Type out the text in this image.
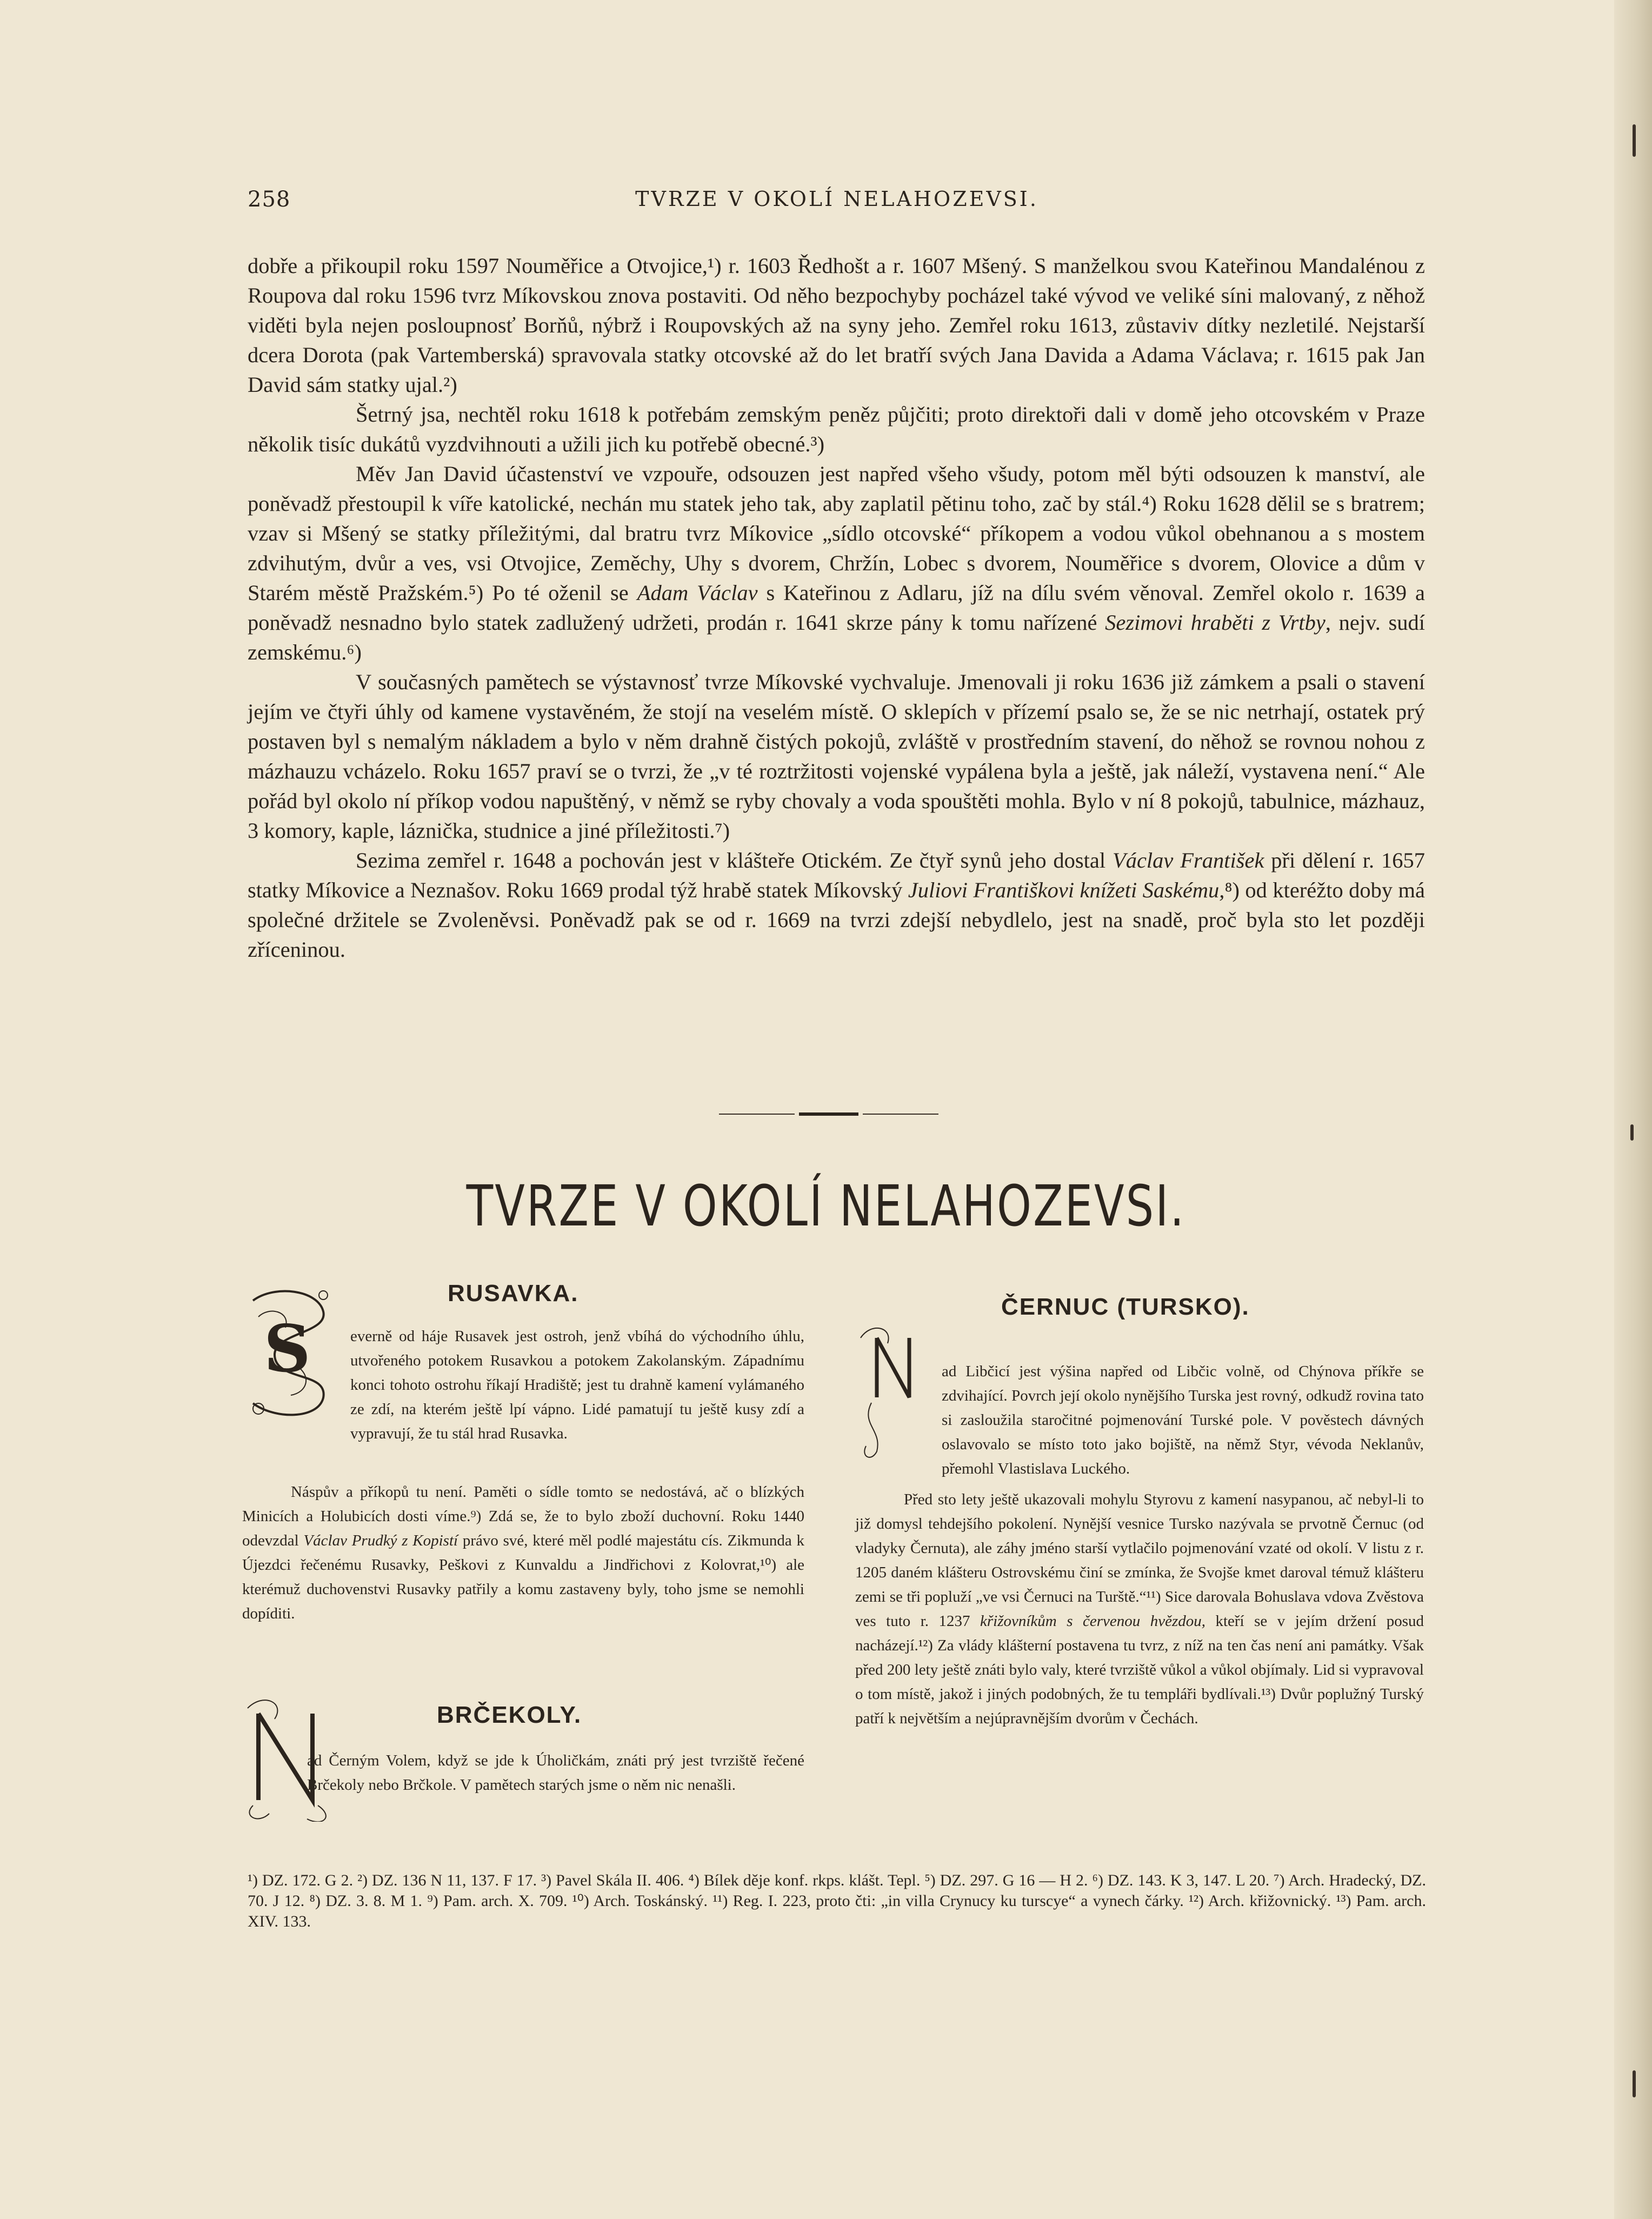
258	TVRZE V OKOLÍ NELAHOZEVSI.

dobře a přikoupil roku 1597 Nouměřice a Otvojice,¹) r. 1603 Ředhošt a r. 1607 Mšený. S manželkou svou Kateřinou Mandalénou z Roupova dal roku 1596 tvrz Míkovskou znova postaviti. Od něho bezpochyby pocházel také vývod ve veliké síni malovaný, z něhož viděti byla nejen posloupnosť Borňů, nýbrž i Roupovských až na syny jeho. Zemřel roku 1613, zůstaviv dítky nezletilé. Nejstarší dcera Dorota (pak Vartemberská) spravovala statky otcovské až do let bratří svých Jana Davida a Adama Václava; r. 1615 pak Jan David sám statky ujal.²)

Šetrný jsa, nechtěl roku 1618 k potřebám zemským peněz půjčiti; proto direktoři dali v domě jeho otcovském v Praze několik tisíc dukátů vyzdvihnouti a užili jich ku potřebě obecné.³)

Měv Jan David účastenství ve vzpouře, odsouzen jest napřed všeho všudy, potom měl býti odsouzen k manství, ale poněvadž přestoupil k víře katolické, nechán mu statek jeho tak, aby zaplatil pětinu toho, zač by stál.⁴) Roku 1628 dělil se s bratrem; vzav si Mšený se statky příležitými, dal bratru tvrz Míkovice „sídlo otcovské“ příkopem a vodou vůkol obehnanou a s mostem zdvihutým, dvůr a ves, vsi Otvojice, Zeměchy, Uhy s dvorem, Chržín, Lobec s dvorem, Nouměřice s dvorem, Olovice a dům v Starém městě Pražském.⁵) Po té oženil se Adam Václav s Kateřinou z Adlaru, jíž na dílu svém věnoval. Zemřel okolo r. 1639 a poněvadž nesnadno bylo statek zadlužený udržeti, prodán r. 1641 skrze pány k tomu nařízené Sezimovi hraběti z Vrtby, nejv. sudí zemskému.⁶)

V současných pamětech se výstavnosť tvrze Míkovské vychvaluje. Jmenovali ji roku 1636 již zámkem a psali o stavení jejím ve čtyři úhly od kamene vystavěném, že stojí na veselém místě. O sklepích v přízemí psalo se, že se nic netrhají, ostatek prý postaven byl s nemalým nákladem a bylo v něm drahně čistých pokojů, zvláště v prostředním stavení, do něhož se rovnou nohou z mázhauzu vcházelo. Roku 1657 praví se o tvrzi, že „v té roztržitosti vojenské vypálena byla a ještě, jak náleží, vystavena není.“ Ale pořád byl okolo ní příkop vodou napuštěný, v němž se ryby chovaly a voda spouštěti mohla. Bylo v ní 8 pokojů, tabulnice, mázhauz, 3 komory, kaple, láznička, studnice a jiné příležitosti.⁷)

Sezima zemřel r. 1648 a pochován jest v klášteře Otickém. Ze čtyř synů jeho dostal Václav František při dělení r. 1657 statky Míkovice a Neznašov. Roku 1669 prodal týž hrabě statek Míkovský Juliovi Františkovi knížeti Saskému,⁸) od kteréžto doby má společné držitele se Zvoleněvsi. Poněvadž pak se od r. 1669 na tvrzi zdejší nebydlelo, jest na snadě, proč byla sto let později zříceninou.

TVRZE V OKOLÍ NELAHOZEVSI.
RUSAVKA.
S	everně od háje Rusavek jest ostroh, jenž vbíhá do východního úhlu, utvořeného potokem Rusavkou a potokem Zakolanským. Západnímu konci tohoto ostrohu říkají Hradiště; jest tu drahně kamení vylámaného ze zdí, na kterém ještě lpí vápno. Lidé pamatují tu ještě kusy zdí a vypravují, že tu stál hrad Rusavka.

Náspův a příkopů tu není. Paměti o sídle tomto se nedostává, ač o blízkých Minicích a Holubicích dosti víme.⁹) Zdá se, že to bylo zboží duchovní. Roku 1440 odevzdal Václav Prudký z Kopistí právo své, které měl podlé majestátu cís. Zikmunda k Újezdci řečenému Rusavky, Peškovi z Kunvaldu a Jindřichovi z Kolovrat,¹⁰) ale kterémuž duchovenstvi Rusavky patřily a komu zastaveny byly, toho jsme se nemohli dopíditi.

BRČEKOLY.

ad Černým Volem, když se jde k Úholičkám, znáti prý jest tvrziště řečené Brčekoly nebo Brčkole. V pamětech starých jsme o něm nic nenašli.

ČERNUC (TURSKO).

ad Libčicí jest výšina napřed od Libčic volně, od Chýnova příkře se zdvihající. Povrch její okolo nynějšího Turska jest rovný, odkudž rovina tato si zasloužila staročitné pojmenování Turské pole. V pověstech dávných oslavovalo se místo toto jako bojiště, na němž Styr, vévoda Neklanův, přemohl Vlastislava Luckého.

Před sto lety ještě ukazovali mohylu Styrovu z kamení nasypanou, ač nebyl-li to již domysl tehdejšího pokolení. Nynější vesnice Tursko nazývala se prvotně Černuc (od vladyky Černuta), ale záhy jméno starší vytlačilo pojmenování vzaté od okolí. V listu z r. 1205 daném klášteru Ostrovskému činí se zmínka, že Svojše kmet daroval témuž klášteru zemi se tři popluží „ve vsi Černuci na Turště.“¹¹) Sice darovala Bohuslava vdova Zvěstova ves tuto r. 1237 křižovníkům s červenou hvězdou, kteří se v jejím držení posud nacházejí.¹²) Za vlády klášterní postavena tu tvrz, z níž na ten čas není ani památky. Však před 200 lety ještě znáti bylo valy, které tvrziště vůkol a vůkol objímaly. Lid si vypravoval o tom místě, jakož i jiných podobných, že tu templáři bydlívali.¹³) Dvůr poplužný Turský patří k největším a nejúpravnějším dvorům v Čechách.

¹) DZ. 172. G 2. ²) DZ. 136 N 11, 137. F 17. ³) Pavel Skála II. 406. ⁴) Bílek děje konf. rkps. klášt. Tepl. ⁵) DZ. 297. G 16 — H 2. ⁶) DZ. 143. K 3, 147. L 20. ⁷) Arch. Hradecký, DZ. 70. J 12. ⁸) DZ. 3. 8. M 1. ⁹) Pam. arch. X. 709. ¹⁰) Arch. Toskánský. ¹¹) Reg. I. 223, proto čti: „in villa Crynucy ku turscye“ a vynech čárky. ¹²) Arch. křižovnický. ¹³) Pam. arch. XIV. 133.
